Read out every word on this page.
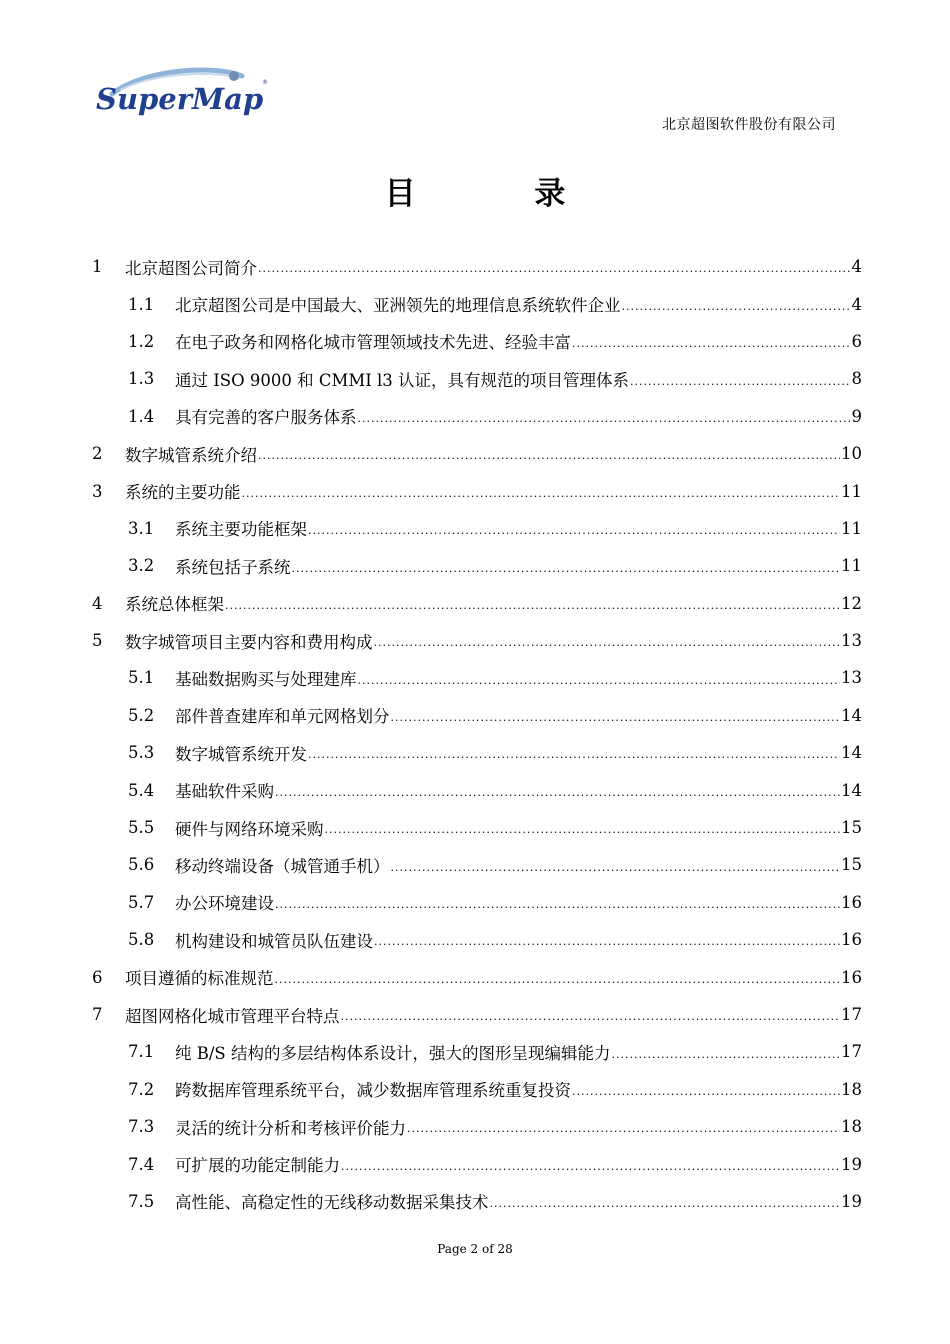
SuperMap
®
北京超图软件股份有限公司
目 录
1	北京超图公司简介 .....	4
1.1	北京超图公司是中国最大、亚洲领先的地理信息系统软件企业 .....	4
1.2	在电子政务和网格化城市管理领域技术先进、经验丰富 .....	6
1.3	通过 ISO 9000 和 CMMI l3 认证，具有规范的项目管理体系 .....	8
1.4	具有完善的客户服务体系 .....	9
2	数字城管系统介绍 .....	10
3	系统的主要功能 .....	11
3.1	系统主要功能框架 .....	11
3.2	系统包括子系统 .....	11
4	系统总体框架 .....	12
5	数字城管项目主要内容和费用构成 .....	13
5.1	基础数据购买与处理建库 .....	13
5.2	部件普查建库和单元网格划分 .....	14
5.3	数字城管系统开发 .....	14
5.4	基础软件采购 .....	14
5.5	硬件与网络环境采购 .....	15
5.6	移动终端设备（城管通手机） .....	15
5.7	办公环境建设 .....	16
5.8	机构建设和城管员队伍建设 .....	16
6	项目遵循的标准规范 .....	16
7	超图网格化城市管理平台特点 .....	17
7.1	纯 B/S 结构的多层结构体系设计，强大的图形呈现编辑能力 .....	17
7.2	跨数据库管理系统平台，减少数据库管理系统重复投资 .....	18
7.3	灵活的统计分析和考核评价能力 .....	18
7.4	可扩展的功能定制能力 .....	19
7.5	高性能、高稳定性的无线移动数据采集技术 .....	19
Page 2 of 28
